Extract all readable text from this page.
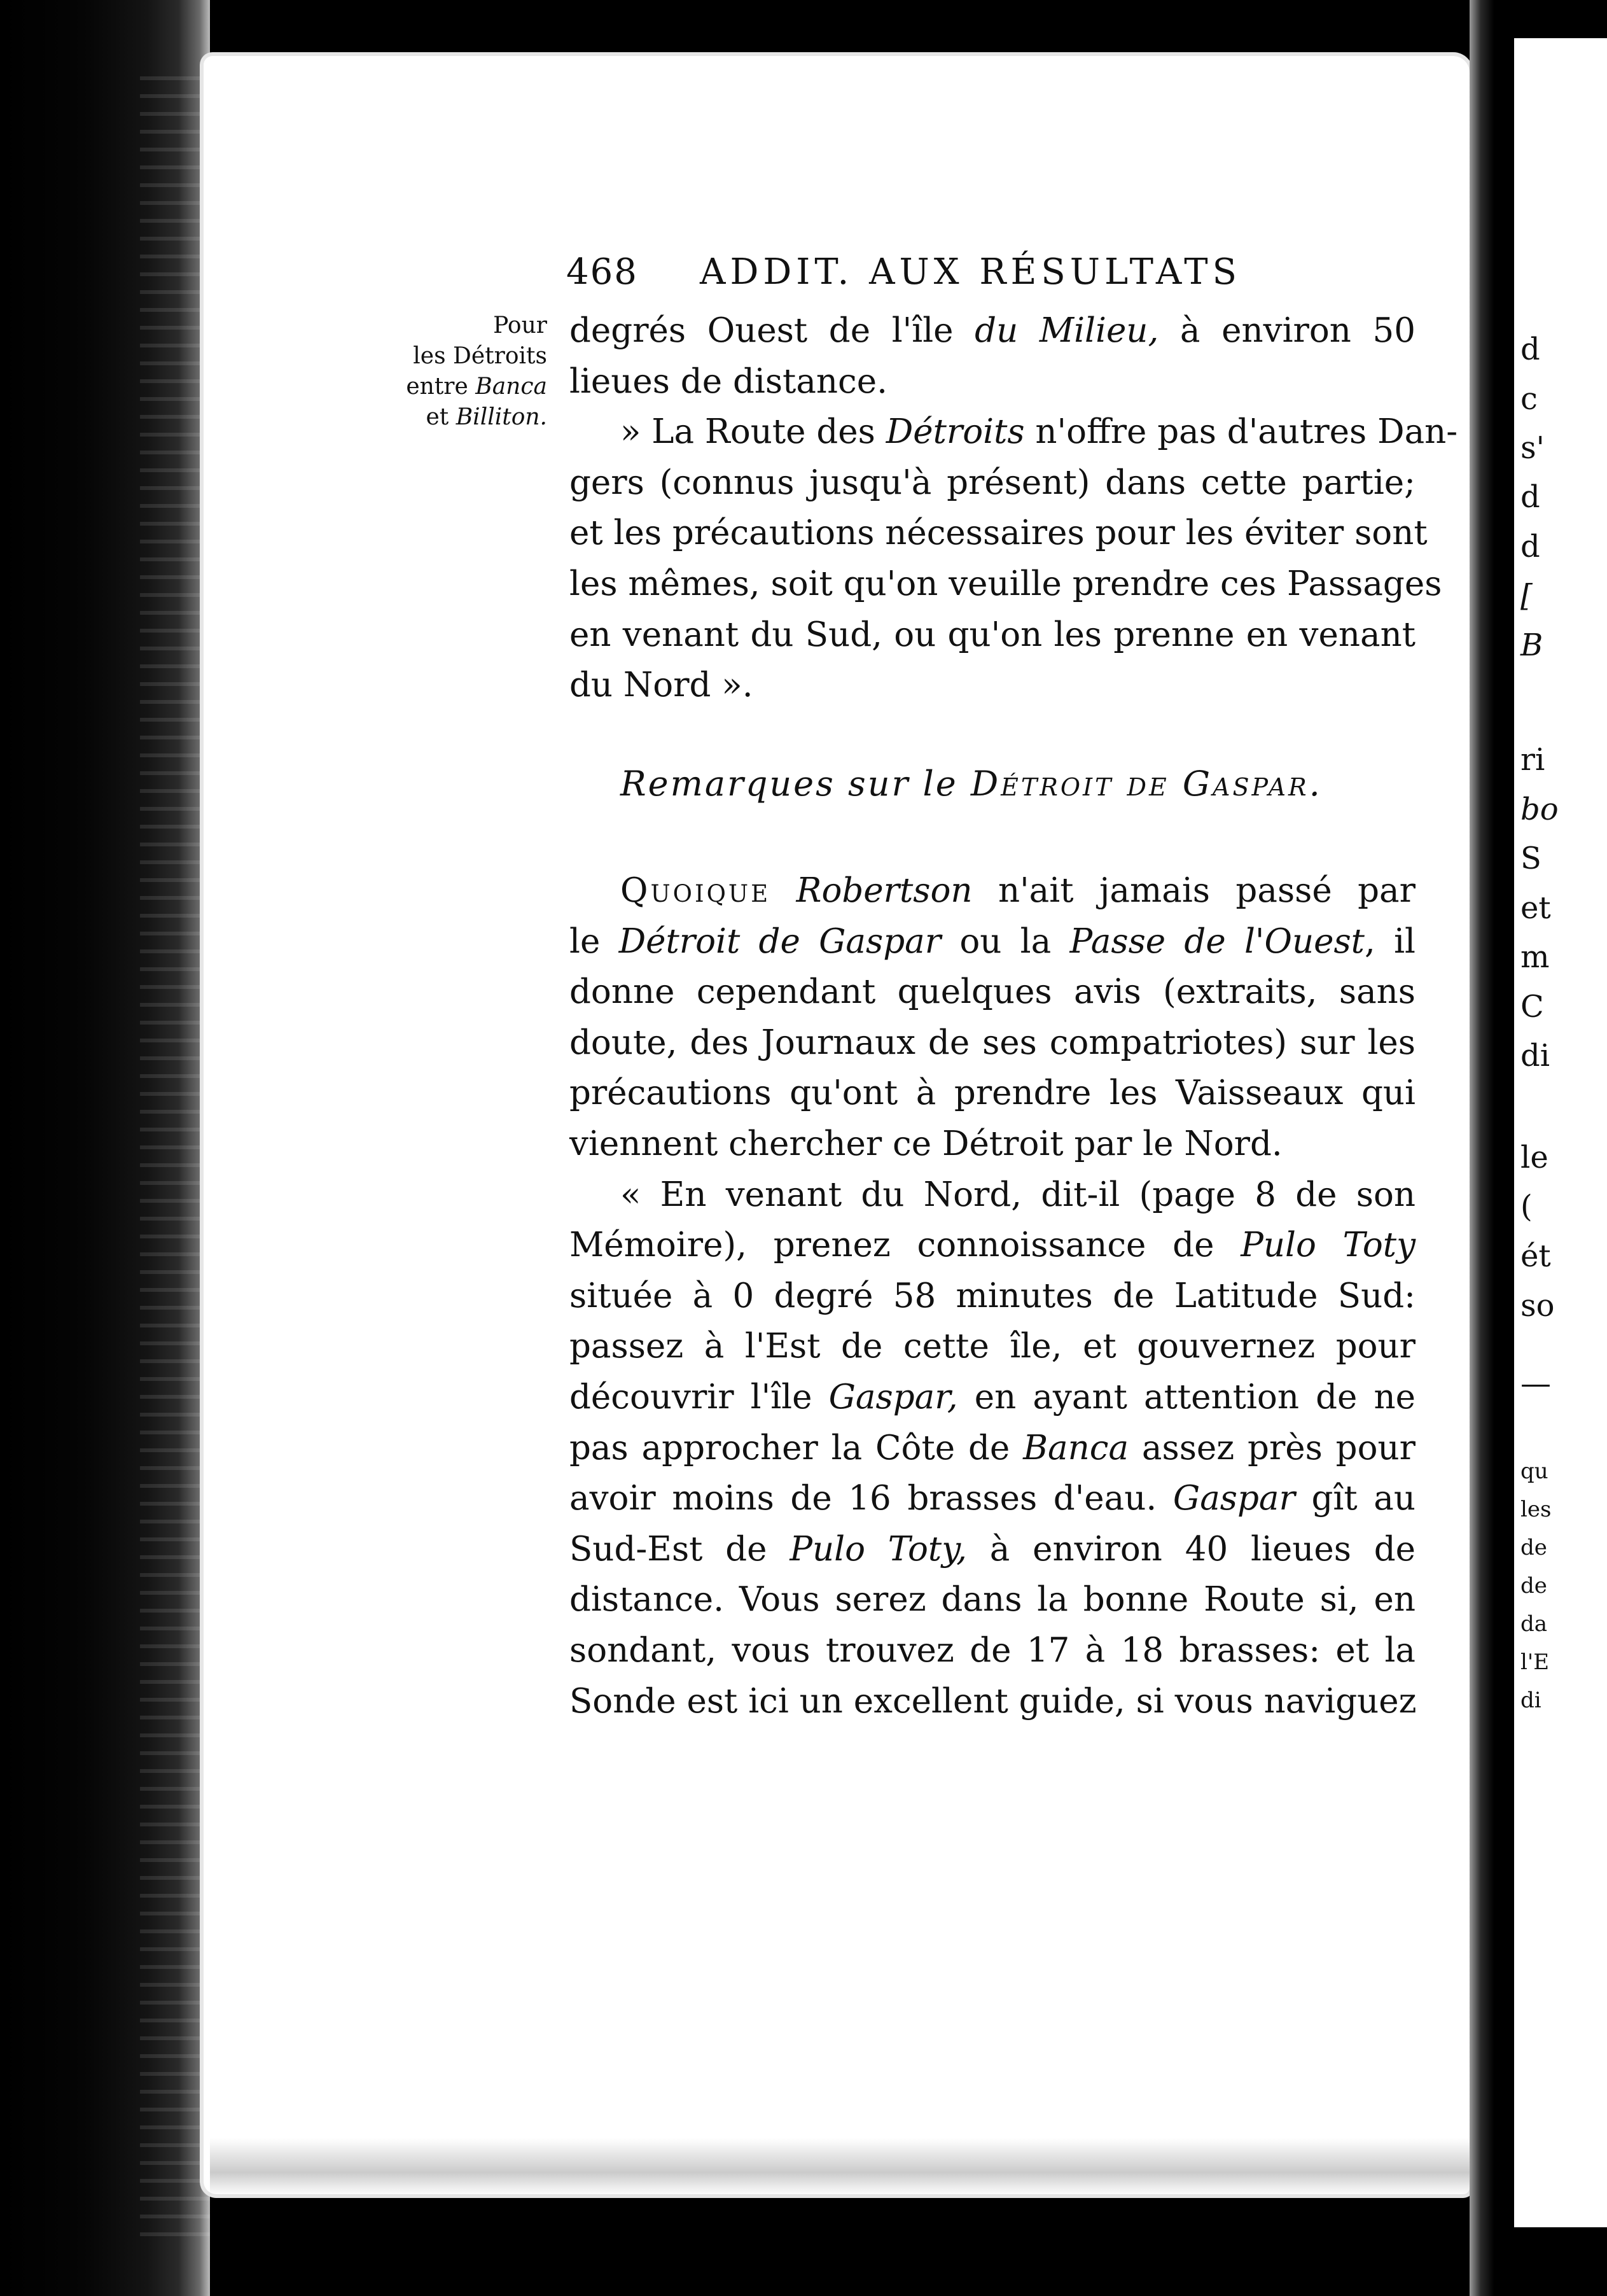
d
c
s'
d
d
[
B
ri
bo
S
et
m
C
di
le
(
ét
so
—
qu
les
de
de
da
l'E
di
468 ADDIT. AUX RÉSULTATS
Pour
les Détroits
entre Banca
et Billiton.
degrés Ouest de l'île du Milieu, à environ 50
lieues de distance.
» La Route des Détroits n'offre pas d'autres Dan-
gers (connus jusqu'à présent) dans cette partie;
et les précautions nécessaires pour les éviter sont
les mêmes, soit qu'on veuille prendre ces Passages
en venant du Sud, ou qu'on les prenne en venant
du Nord ».
Remarques sur le Détroit de Gaspar.
Quoique Robertson n'ait jamais passé par
le Détroit de Gaspar ou la Passe de l'Ouest, il
donne cependant quelques avis (extraits, sans
doute, des Journaux de ses compatriotes) sur les
précautions qu'ont à prendre les Vaisseaux qui
viennent chercher ce Détroit par le Nord.
« En venant du Nord, dit-il (page 8 de son
Mémoire), prenez connoissance de Pulo Toty
située à 0 degré 58 minutes de Latitude Sud:
passez à l'Est de cette île, et gouvernez pour
découvrir l'île Gaspar, en ayant attention de ne
pas approcher la Côte de Banca assez près pour
avoir moins de 16 brasses d'eau. Gaspar gît au
Sud-Est de Pulo Toty, à environ 40 lieues de
distance. Vous serez dans la bonne Route si, en
sondant, vous trouvez de 17 à 18 brasses: et la
Sonde est ici un excellent guide, si vous naviguez
